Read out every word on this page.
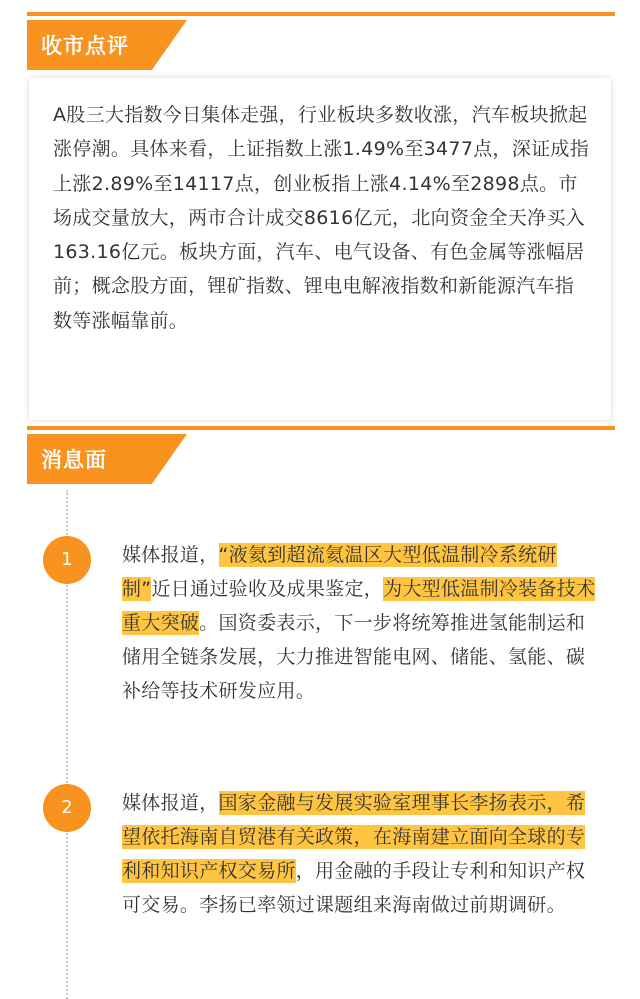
收市点评

A股三大指数今日集体走强，行业板块多数收涨，汽车板块掀起涨停潮。具体来看，上证指数上涨1.49%至3477点，深证成指上涨2.89%至14117点，创业板指上涨4.14%至2898点。市场成交量放大，两市合计成交8616亿元，北向资金全天净买入163.16亿元。板块方面，汽车、电气设备、有色金属等涨幅居前；概念股方面，锂矿指数、锂电电解液指数和新能源汽车指数等涨幅靠前。

消息面
1	媒体报道，“液氦到超流氦温区大型低温制冷系统研制”近日通过验收及成果鉴定，为大型低温制冷装备技术重大突破。国资委表示，下一步将统筹推进氢能制运和储用全链条发展，大力推进智能电网、储能、氢能、碳补给等技术研发应用。

2	媒体报道，国家金融与发展实验室理事长李扬表示，希望依托海南自贸港有关政策，在海南建立面向全球的专利和知识产权交易所，用金融的手段让专利和知识产权可交易。李扬已率领过课题组来海南做过前期调研。
